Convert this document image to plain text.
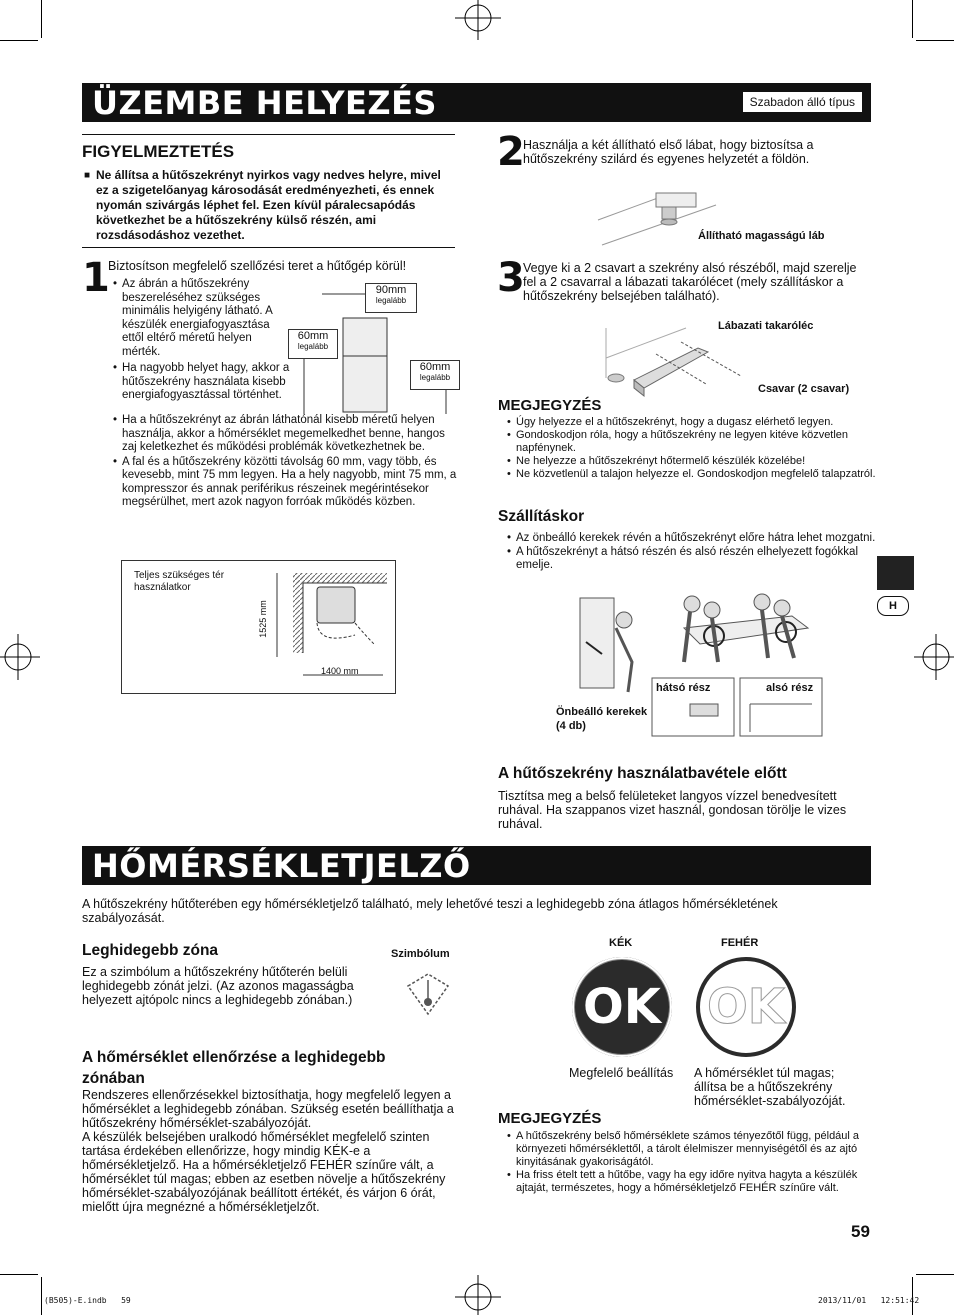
ÜZEMBE HELYEZÉS	Szabadon álló típus
FIGYELMEZTETÉS
■ Ne állítsa a hűtőszekrényt nyirkos vagy nedves helyre, mivel ez a szigetelőanyag károsodását eredményezheti, és ennek nyomán szivárgás léphet fel. Ezen kívül páralecsapódás következhet be a hűtőszekrény külső részén, ami rozsdásodáshoz vezethet.
1
Biztosítson megfelelő szellőzési teret a hűtőgép körül!
• Az ábrán a hűtőszekrény beszereléséhez szükséges minimális helyigény látható. A készülék energiafogyasztása ettől eltérő méretű helyen mérték.
• Ha nagyobb helyet hagy, akkor a hűtőszekrény használata kisebb energiafogyasztással történhet.
• Ha a hűtőszekrényt az ábrán láthatónál kisebb méretű helyen használja, akkor a hőmérséklet megemelkedhet benne, hangos zaj keletkezhet és működési problémák következhetnek be.
• A fal és a hűtőszekrény közötti távolság 60 mm, vagy több, és kevesebb, mint 75 mm legyen. Ha a hely nagyobb, mint 75 mm, a kompresszor és annak periférikus részeinek megérintésekor megsérülhet, mert azok nagyon forróak működés közben.
90mm
legalább
60mm
legalább
60mm
legalább
Teljes szükséges tér használatkor
1525 mm
1400 mm
2
Használja a két állítható első lábat, hogy biztosítsa a hűtőszekrény szilárd és egyenes helyzetét a földön.
Állítható magasságú láb
3
Vegye ki a 2 csavart a szekrény alsó részéből, majd szerelje fel a 2 csavarral a lábazati takarólécet (mely szállításkor a hűtőszekrény belsejében található).
Lábazati takaróléc
Csavar (2 csavar)
MEGJEGYZÉS
• Úgy helyezze el a hűtőszekrényt, hogy a dugasz elérhető legyen.
• Gondoskodjon róla, hogy a hűtőszekrény ne legyen kitéve közvetlen napfénynek.
• Ne helyezze a hűtőszekrényt hőtermelő készülék közelébe!
• Ne közvetlenül a talajon helyezze el. Gondoskodjon megfelelő talapzatról.
Szállításkor
• Az önbeálló kerekek révén a hűtőszekrényt előre hátra lehet mozgatni.
• A hűtőszekrényt a hátsó részén és alsó részén elhelyezett fogókkal emelje.
hátsó rész	alsó rész
Önbeálló kerekek (4 db)
A hűtőszekrény használatbavétele előtt
Tisztítsa meg a belső felületeket langyos vízzel benedvesített ruhával. Ha szappanos vizet használ, gondosan törölje le vizes ruhával.
H
HŐMÉRSÉKLETJELZŐ
A hűtőszekrény hűtőterében egy hőmérsékletjelző található, mely lehetővé teszi a leghidegebb zóna átlagos hőmérsékletének szabályozását.
Leghidegebb zóna
Ez a szimbólum a hűtőszekrény hűtőterén belüli leghidegebb zónát jelzi. (Az azonos magasságba helyezett ajtópolc nincs a leghidegebb zónában.)
Szimbólum
KÉK	FEHÉR
OK OK
Megfelelő beállítás A hőmérséklet túl magas; állítsa be a hűtőszekrény hőmérséklet-szabályozóját.
A hőmérséklet ellenőrzése a leghidegebb zónában
Rendszeres ellenőrzésekkel biztosíthatja, hogy megfelelő legyen a hőmérséklet a leghidegebb zónában. Szükség esetén beállíthatja a hűtőszekrény hőmérséklet-szabályozóját.
A készülék belsejében uralkodó hőmérséklet megfelelő szinten tartása érdekében ellenőrizze, hogy mindig KÉK-e a hőmérsékletjelző. Ha a hőmérsékletjelző FEHÉR színűre vált, a hőmérséklet túl magas; ebben az esetben növelje a hűtőszekrény hőmérséklet-szabályozójának beállított értékét, és várjon 6 órát, mielőtt újra megnézné a hőmérsékletjelzőt.
MEGJEGYZÉS
• A hűtőszekrény belső hőmérséklete számos tényezőtől függ, például a környezeti hőmérséklettől, a tárolt élelmiszer mennyiségétől és az ajtó kinyitásának gyakoriságától.
• Ha friss ételt tett a hűtőbe, vagy ha egy időre nyitva hagyta a készülék ajtaját, természetes, hogy a hőmérsékletjelző FEHÉR színűre vált.
59
(B505)-E.indb   59	2013/11/01   12:51:42
